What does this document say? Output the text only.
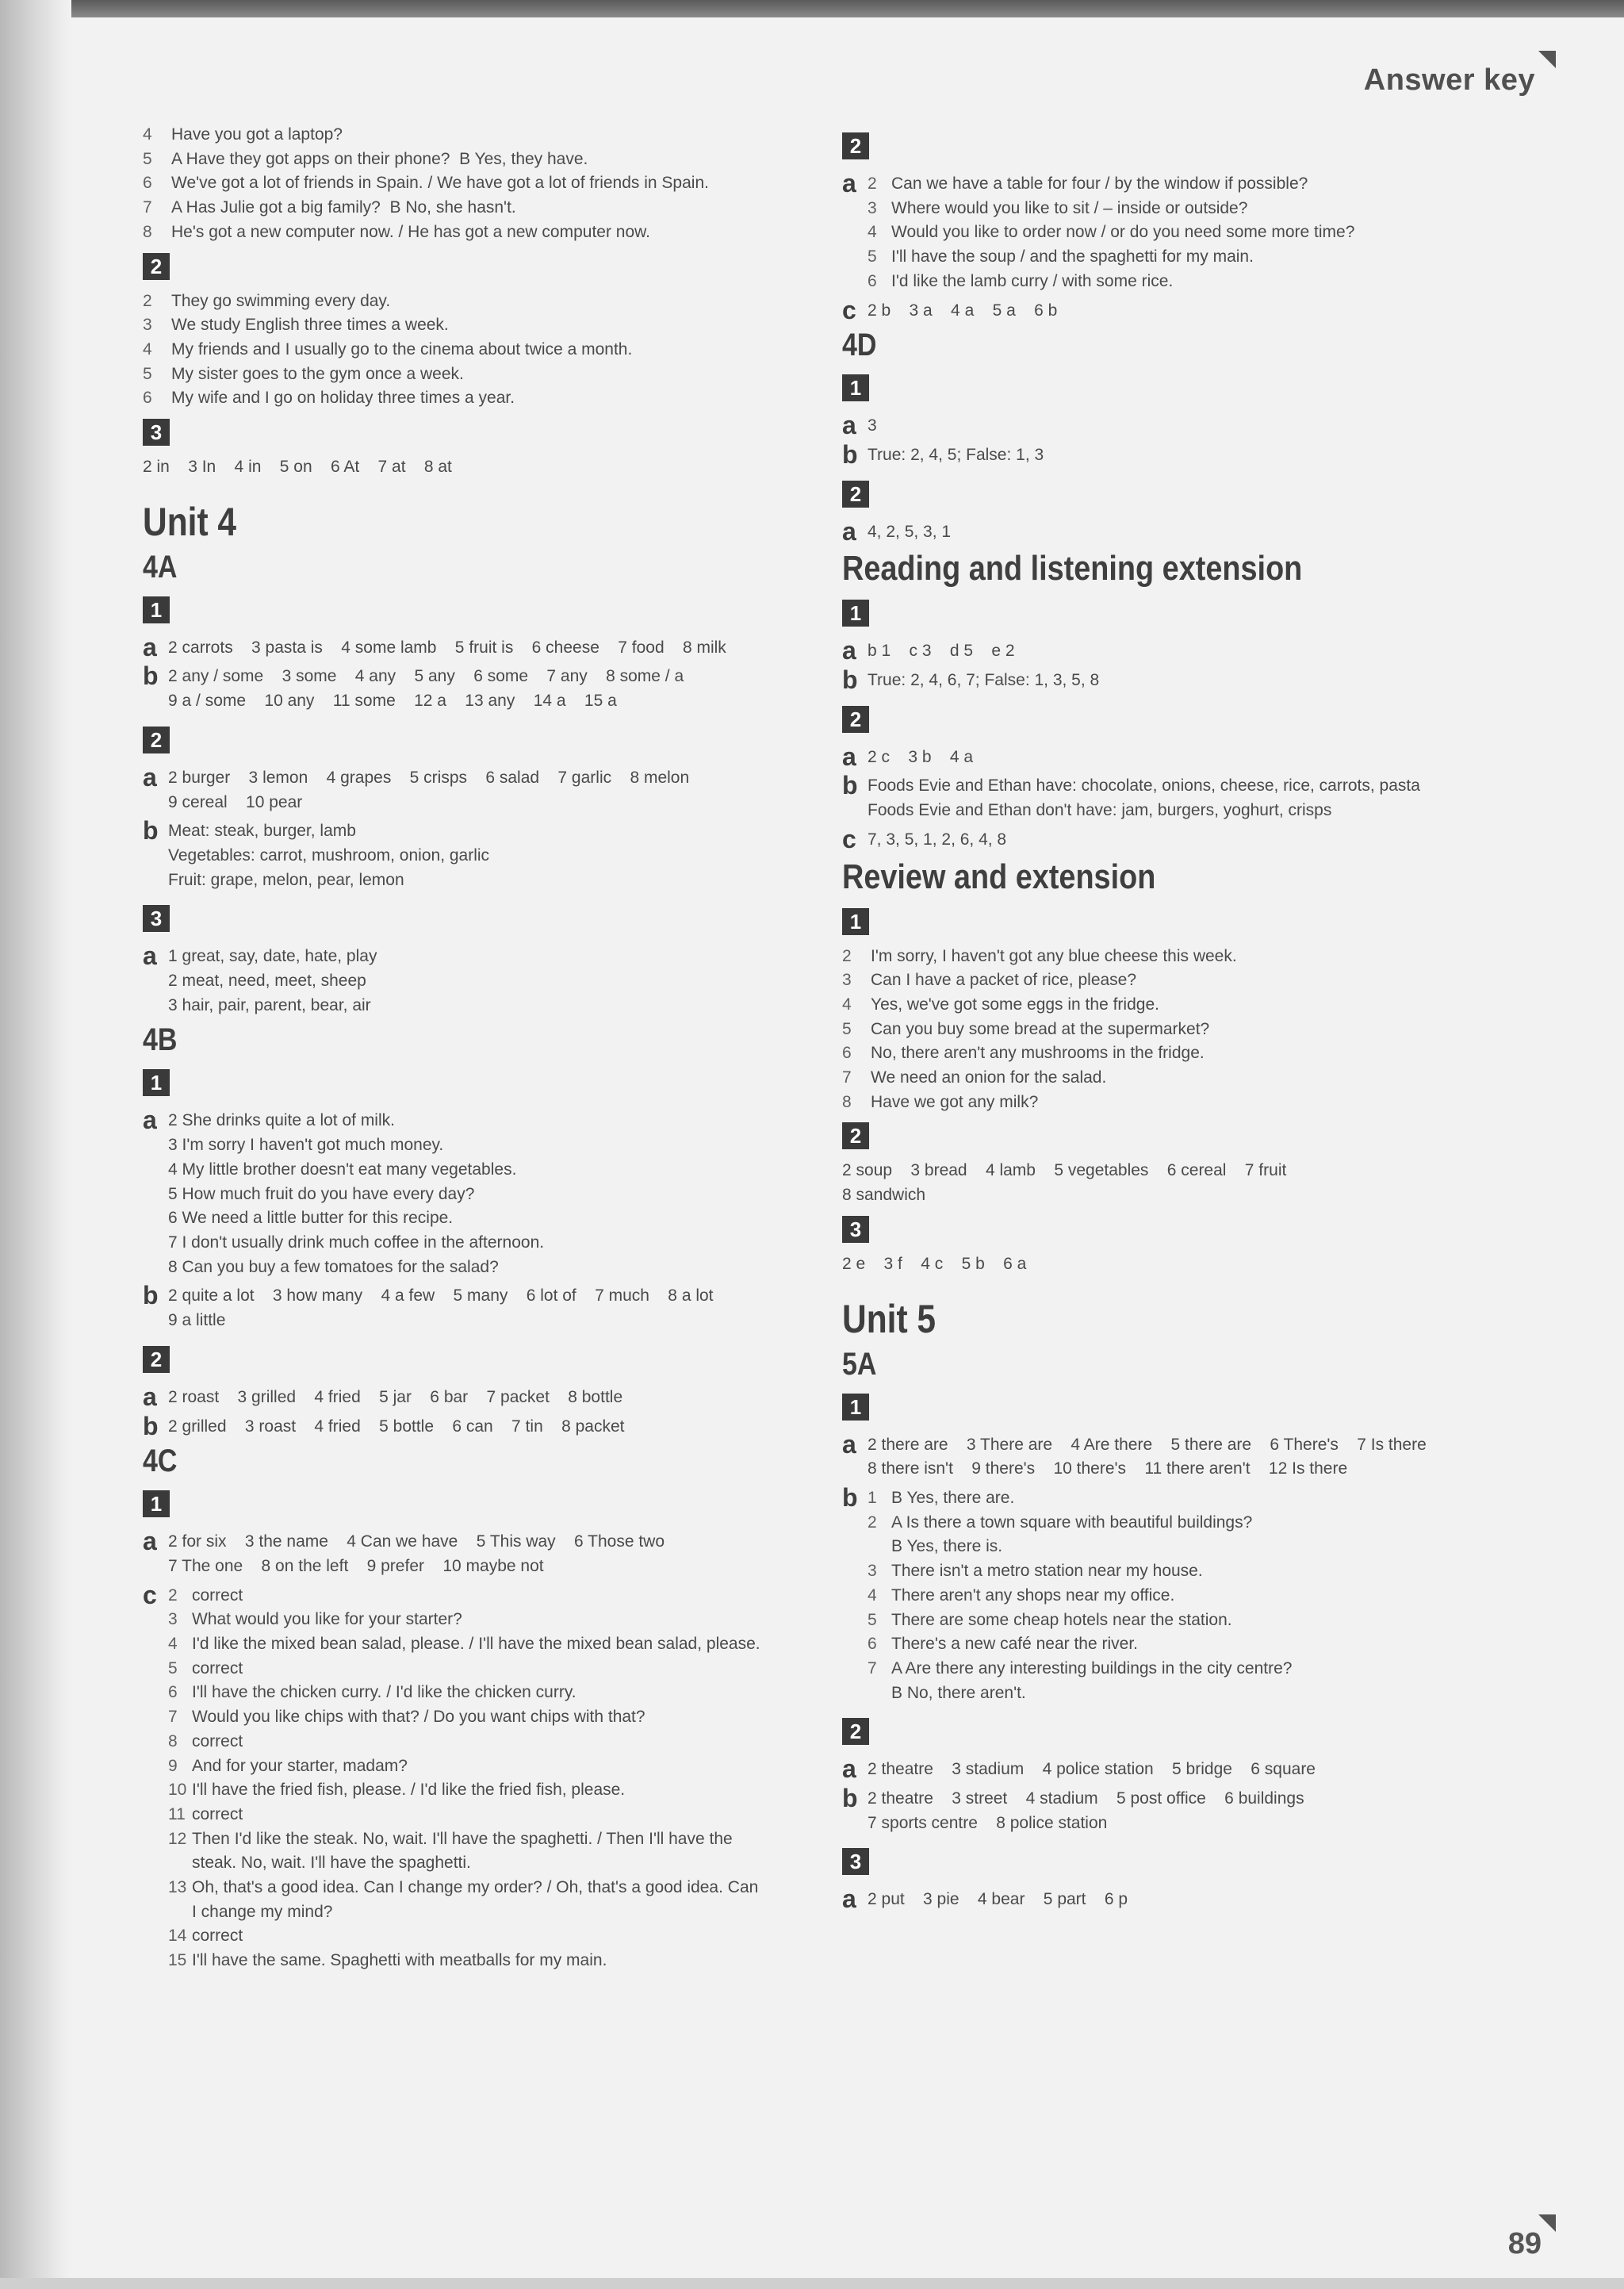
Answer key
89
4 Have you got a laptop?
5 A Have they got apps on their phone?  B Yes, they have.
6 We've got a lot of friends in Spain. / We have got a lot of friends in Spain.
7 A Has Julie got a big family?  B No, she hasn't.
8 He's got a new computer now. / He has got a new computer now.
2
2 They go swimming every day.
3 We study English three times a week.
4 My friends and I usually go to the cinema about twice a month.
5 My sister goes to the gym once a week.
6 My wife and I go on holiday three times a year.
3
2 in    3 In    4 in    5 on    6 At    7 at    8 at
Unit 4
4A
1
a 2 carrots    3 pasta is    4 some lamb    5 fruit is    6 cheese    7 food    8 milk
b 2 any / some    3 some    4 any    5 any    6 some    7 any    8 some / a
9 a / some    10 any    11 some    12 a    13 any    14 a    15 a
2
a 2 burger    3 lemon    4 grapes    5 crisps    6 salad    7 garlic    8 melon
9 cereal    10 pear
b Meat: steak, burger, lamb
Vegetables: carrot, mushroom, onion, garlic
Fruit: grape, melon, pear, lemon
3
a 1 great, say, date, hate, play
2 meat, need, meet, sheep
3 hair, pair, parent, bear, air
4B
1
a 2 She drinks quite a lot of milk.
3 I'm sorry I haven't got much money.
4 My little brother doesn't eat many vegetables.
5 How much fruit do you have every day?
6 We need a little butter for this recipe.
7 I don't usually drink much coffee in the afternoon.
8 Can you buy a few tomatoes for the salad?
b 2 quite a lot    3 how many    4 a few    5 many    6 lot of    7 much    8 a lot
9 a little
2
a 2 roast    3 grilled    4 fried    5 jar    6 bar    7 packet    8 bottle
b 2 grilled    3 roast    4 fried    5 bottle    6 can    7 tin    8 packet
4C
1
a 2 for six    3 the name    4 Can we have    5 This way    6 Those two
7 The one    8 on the left    9 prefer    10 maybe not
c 2 correct
3 What would you like for your starter?
4 I'd like the mixed bean salad, please. / I'll have the mixed bean salad, please.
5 correct
6 I'll have the chicken curry. / I'd like the chicken curry.
7 Would you like chips with that? / Do you want chips with that?
8 correct
9 And for your starter, madam?
10 I'll have the fried fish, please. / I'd like the fried fish, please.
11 correct
12 Then I'd like the steak. No, wait. I'll have the spaghetti. / Then I'll have the
steak. No, wait. I'll have the spaghetti.
13 Oh, that's a good idea. Can I change my order? / Oh, that's a good idea. Can
I change my mind?
14 correct
15 I'll have the same. Spaghetti with meatballs for my main.
2
a 2 Can we have a table for four / by the window if possible?
3 Where would you like to sit / – inside or outside?
4 Would you like to order now / or do you need some more time?
5 I'll have the soup / and the spaghetti for my main.
6 I'd like the lamb curry / with some rice.
c 2 b    3 a    4 a    5 a    6 b
4D
1
a 3
b True: 2, 4, 5; False: 1, 3
2
a 4, 2, 5, 3, 1
Reading and listening extension
1
a b 1    c 3    d 5    e 2
b True: 2, 4, 6, 7; False: 1, 3, 5, 8
2
a 2 c    3 b    4 a
b Foods Evie and Ethan have: chocolate, onions, cheese, rice, carrots, pasta
Foods Evie and Ethan don't have: jam, burgers, yoghurt, crisps
c 7, 3, 5, 1, 2, 6, 4, 8
Review and extension
1
2 I'm sorry, I haven't got any blue cheese this week.
3 Can I have a packet of rice, please?
4 Yes, we've got some eggs in the fridge.
5 Can you buy some bread at the supermarket?
6 No, there aren't any mushrooms in the fridge.
7 We need an onion for the salad.
8 Have we got any milk?
2
2 soup    3 bread    4 lamb    5 vegetables    6 cereal    7 fruit
8 sandwich
3
2 e    3 f    4 c    5 b    6 a
Unit 5
5A
1
a 2 there are    3 There are    4 Are there    5 there are    6 There's    7 Is there
8 there isn't    9 there's    10 there's    11 there aren't    12 Is there
b 1 B Yes, there are.
2 A Is there a town square with beautiful buildings?
B Yes, there is.
3 There isn't a metro station near my house.
4 There aren't any shops near my office.
5 There are some cheap hotels near the station.
6 There's a new café near the river.
7 A Are there any interesting buildings in the city centre?
B No, there aren't.
2
a 2 theatre    3 stadium    4 police station    5 bridge    6 square
b 2 theatre    3 street    4 stadium    5 post office    6 buildings
7 sports centre    8 police station
3
a 2 put    3 pie    4 bear    5 part    6 p
